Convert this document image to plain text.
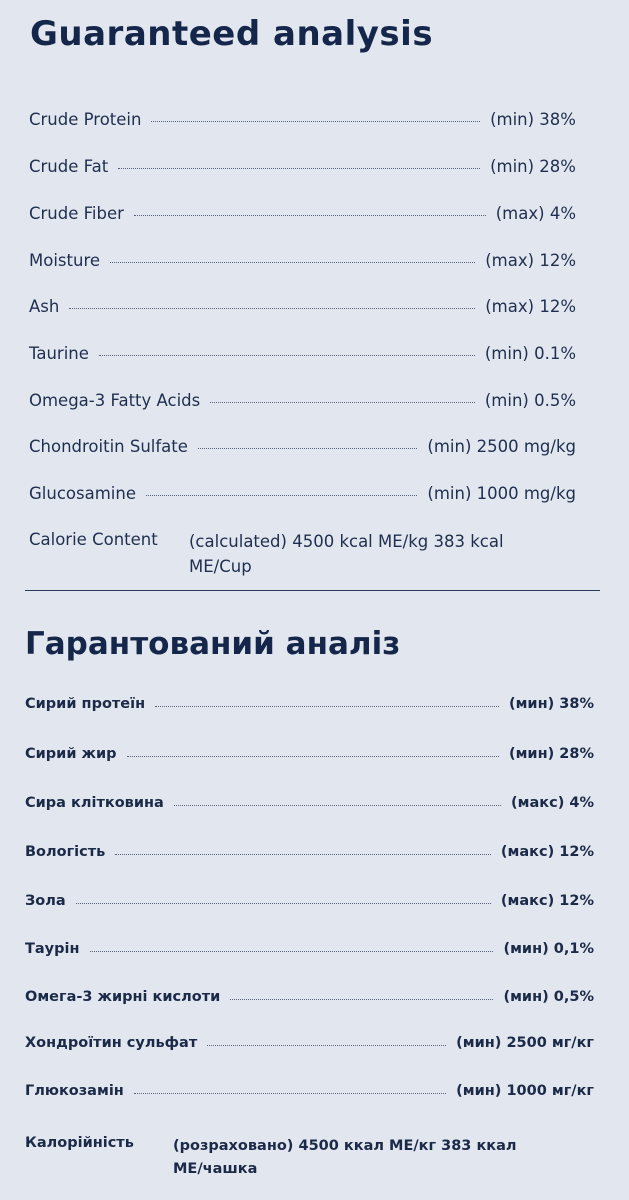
Guaranteed analysis
Crude Protein	(min) 38%
Crude Fat	(min) 28%
Crude Fiber	(max) 4%
Moisture	(max) 12%
Ash	(max) 12%
Taurine	(min) 0.1%
Omega-3 Fatty Acids	(min) 0.5%
Chondroitin Sulfate	(min) 2500 mg/kg
Glucosamine	(min) 1000 mg/kg
Calorie Content	(calculated) 4500 kcal ME/kg 383 kcal ME/Cup
Гарантований аналіз
Сирий протеїн	(мин) 38%
Сирий жир	(мин) 28%
Сира клітковина	(макс) 4%
Вологість	(макс) 12%
Зола	(макс) 12%
Таурін	(мин) 0,1%
Омега-3 жирні кислоти	(мин) 0,5%
Хондроїтин сульфат	(мин) 2500 мг/кг
Глюкозамін	(мин) 1000 мг/кг
Калорійність	(розраховано) 4500 ккал МЕ/кг 383 ккал МЕ/чашка
